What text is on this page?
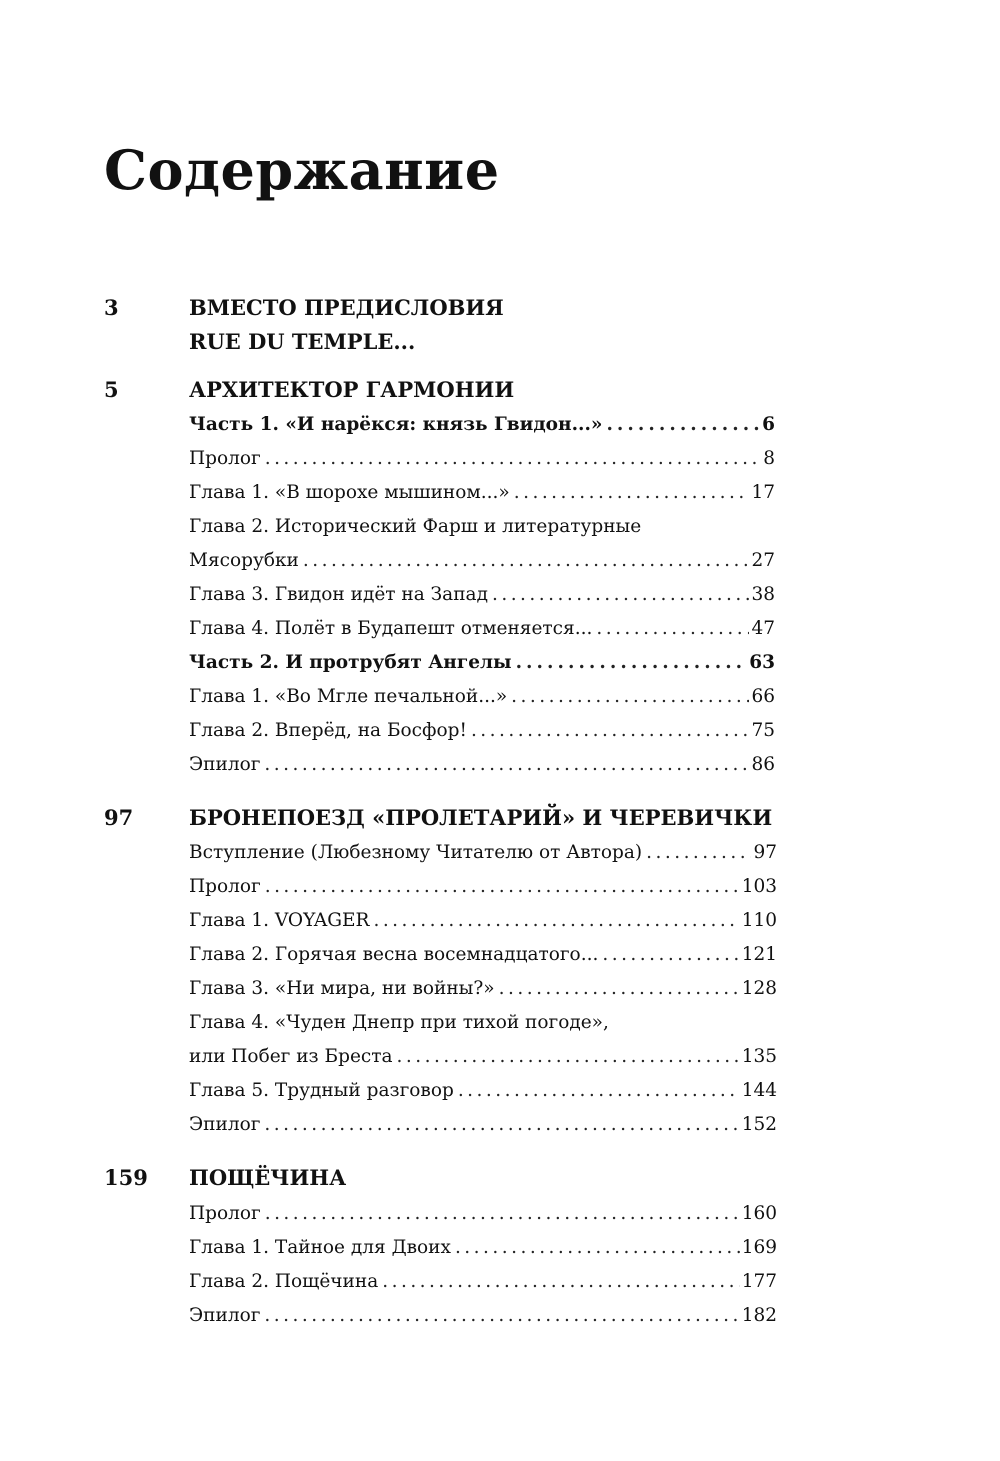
Содержание
3	ВМЕСТО ПРЕДИСЛОВИЯ
RUE DU TEMPLE...
5	АРХИТЕКТОР ГАРМОНИИ
Часть 1. «И нарёкся: князь Гвидон...» . . .	6
Пролог . . .	8
Глава 1. «В шорохе мышином...» . . .	17
Глава 2. Исторический Фарш и литературные
Мясорубки . . .	27
Глава 3. Гвидон идёт на Запад . . .	38
Глава 4. Полёт в Будапешт отменяется... . . .	47
Часть 2. И протрубят Ангелы . . .	63
Глава 1. «Во Мгле печальной...» . . .	66
Глава 2. Вперёд, на Босфор! . . .	75
Эпилог . . .	86
97	БРОНЕПОЕЗД «ПРОЛЕТАРИЙ» И ЧЕРЕВИЧКИ
Вступление (Любезному Читателю от Автора) . . .	97
Пролог . . .	103
Глава 1. VOYAGER . . .	110
Глава 2. Горячая весна восемнадцатого... . . .	121
Глава 3. «Ни мира, ни войны?» . . .	128
Глава 4. «Чуден Днепр при тихой погоде»,
или Побег из Бреста . . .	135
Глава 5. Трудный разговор . . .	144
Эпилог . . .	152
159	ПОЩЁЧИНА
Пролог . . .	160
Глава 1. Тайное для Двоих . . .	169
Глава 2. Пощёчина . . .	177
Эпилог . . .	182
